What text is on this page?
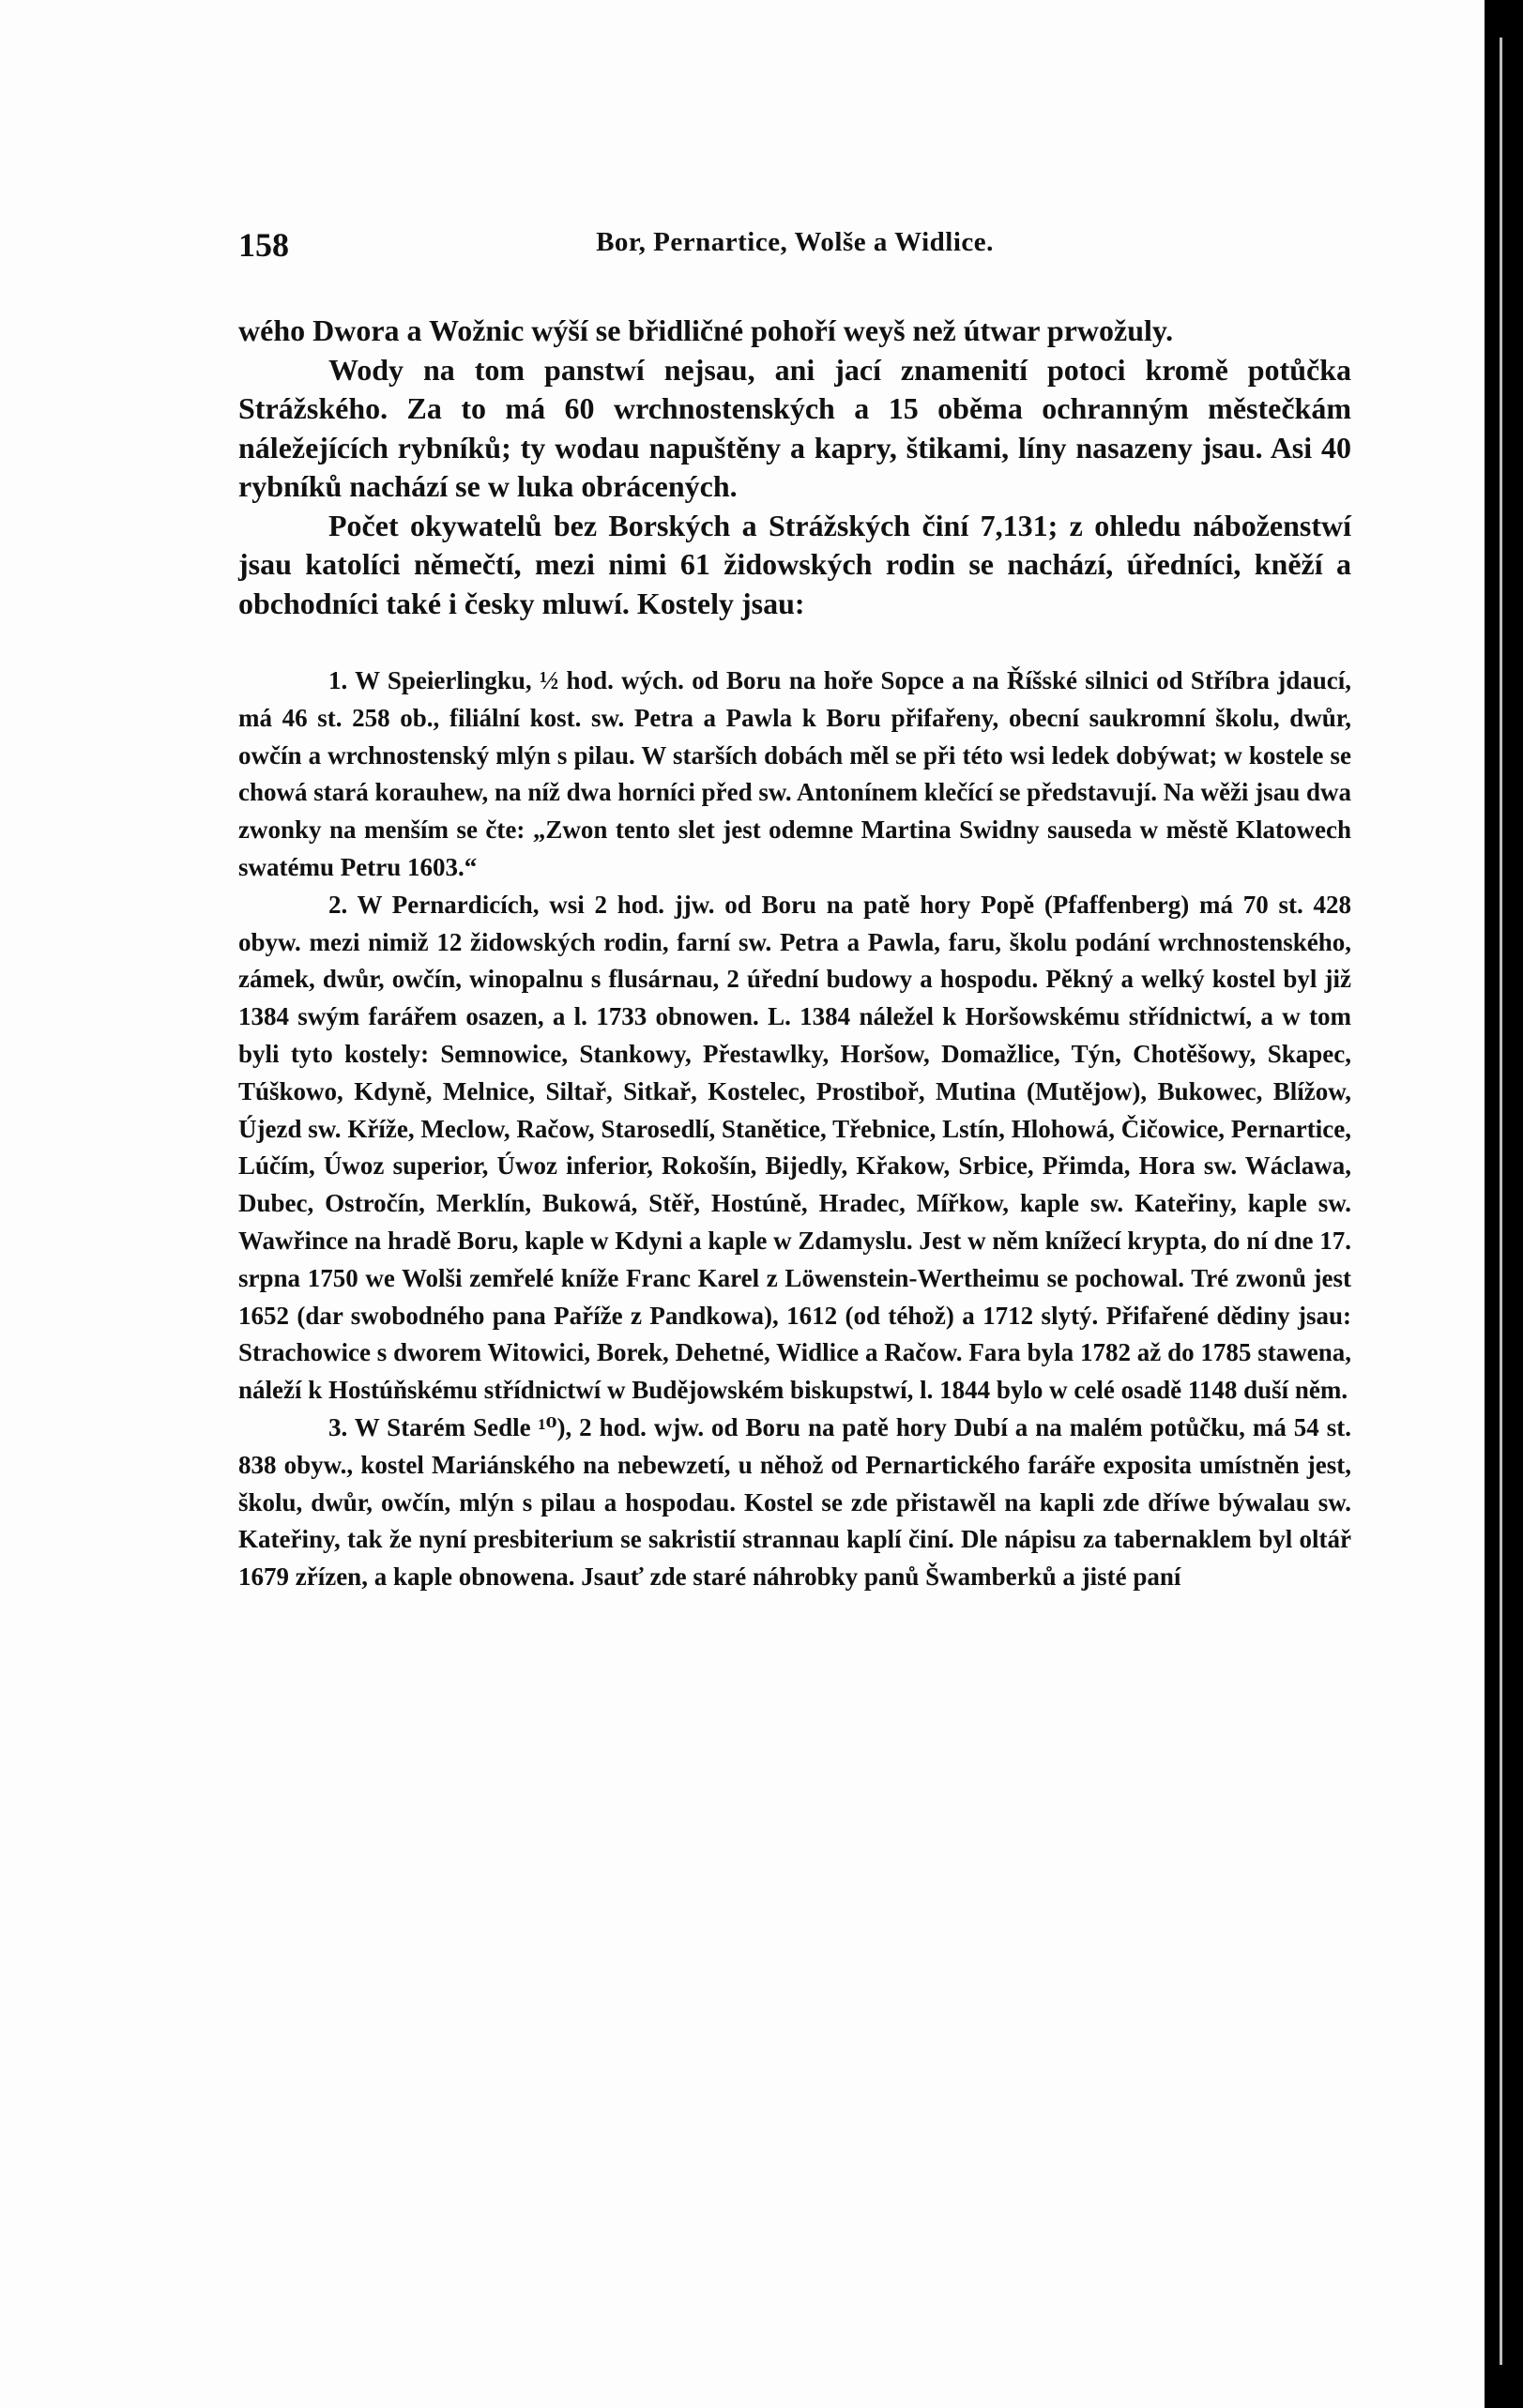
158	Bor, Pernartice, Wolše a Widlice.

wého Dwora a Wožnic wýší se břidličné pohoří weyš než útwar prwožuly.

Wody na tom panstwí nejsau, ani jací znamenití potoci kromě potůčka Strážského. Za to má 60 wrchnostenských a 15 oběma ochranným městečkám náležejících rybníků; ty wodau napuštěny a kapry, štikami, líny nasazeny jsau. Asi 40 rybníků nachází se w luka obrácených.

Počet okywatelů bez Borských a Strážských činí 7,131; z ohledu náboženstwí jsau katolíci němečtí, mezi nimi 61 židowských rodin se nachází, úředníci, kněží a obchodníci také i česky mluwí. Kostely jsau:

1. W Speierlingku, ½ hod. wých. od Boru na hoře Sopce a na Říšské silnici od Stříbra jdaucí, má 46 st. 258 ob., filiální kost. sw. Petra a Pawla k Boru přifařeny, obecní saukromní školu, dwůr, owčín a wrchnostenský mlýn s pilau. W starších dobách měl se při této wsi ledek dobýwat; w kostele se chowá stará korauhew, na níž dwa horníci před sw. Antonínem klečící se představují. Na wěži jsau dwa zwonky na menším se čte: „Zwon tento slet jest odemne Martina Swidny sauseda w městě Klatowech swatému Petru 1603.“

2. W Pernardicích, wsi 2 hod. jjw. od Boru na patě hory Popě (Pfaffenberg) má 70 st. 428 obyw. mezi nimiž 12 židowských rodin, farní sw. Petra a Pawla, faru, školu podání wrchnostenského, zámek, dwůr, owčín, winopalnu s flusárnau, 2 úřední budowy a hospodu. Pěkný a welký kostel byl již 1384 swým farářem osazen, a l. 1733 obnowen. L. 1384 náležel k Horšowskému střídnictwí, a w tom byli tyto kostely: Semnowice, Stankowy, Přestawlky, Horšow, Domažlice, Týn, Chotěšowy, Skapec, Túškowo, Kdyně, Melnice, Siltař, Sitkař, Kostelec, Prostiboř, Mutina (Mutějow), Bukowec, Blížow, Újezd sw. Kříže, Meclow, Račow, Starosedlí, Stanětice, Třebnice, Lstín, Hlohowá, Čičowice, Pernartice, Lúčím, Úwoz superior, Úwoz inferior, Rokošín, Bijedly, Křakow, Srbice, Přimda, Hora sw. Wáclawa, Dubec, Ostročín, Merklín, Bukowá, Stěř, Hostúně, Hradec, Mířkow, kaple sw. Kateřiny, kaple sw. Wawřince na hradě Boru, kaple w Kdyni a kaple w Zdamyslu. Jest w něm knížecí krypta, do ní dne 17. srpna 1750 we Wolši zemřelé kníže Franc Karel z Löwenstein-Wertheimu se pochowal. Tré zwonů jest 1652 (dar swobodného pana Paříže z Pandkowa), 1612 (od téhož) a 1712 slytý. Přifařené dědiny jsau: Strachowice s dworem Witowici, Borek, Dehetné, Widlice a Račow. Fara byla 1782 až do 1785 stawena, náleží k Hostúňskému střídnictwí w Budějowském biskupstwí, l. 1844 bylo w celé osadě 1148 duší něm.

3. W Starém Sedle ¹⁰), 2 hod. wjw. od Boru na patě hory Dubí a na malém potůčku, má 54 st. 838 obyw., kostel Mariánského na nebewzetí, u něhož od Pernartického faráře exposita umístněn jest, školu, dwůr, owčín, mlýn s pilau a hospodau. Kostel se zde přistawěl na kapli zde dříwe býwalau sw. Kateřiny, tak že nyní presbiterium se sakristií strannau kaplí činí. Dle nápisu za tabernaklem byl oltář 1679 zřízen, a kaple obnowena. Jsauť zde staré náhrobky panů Šwamberků a jisté paní
